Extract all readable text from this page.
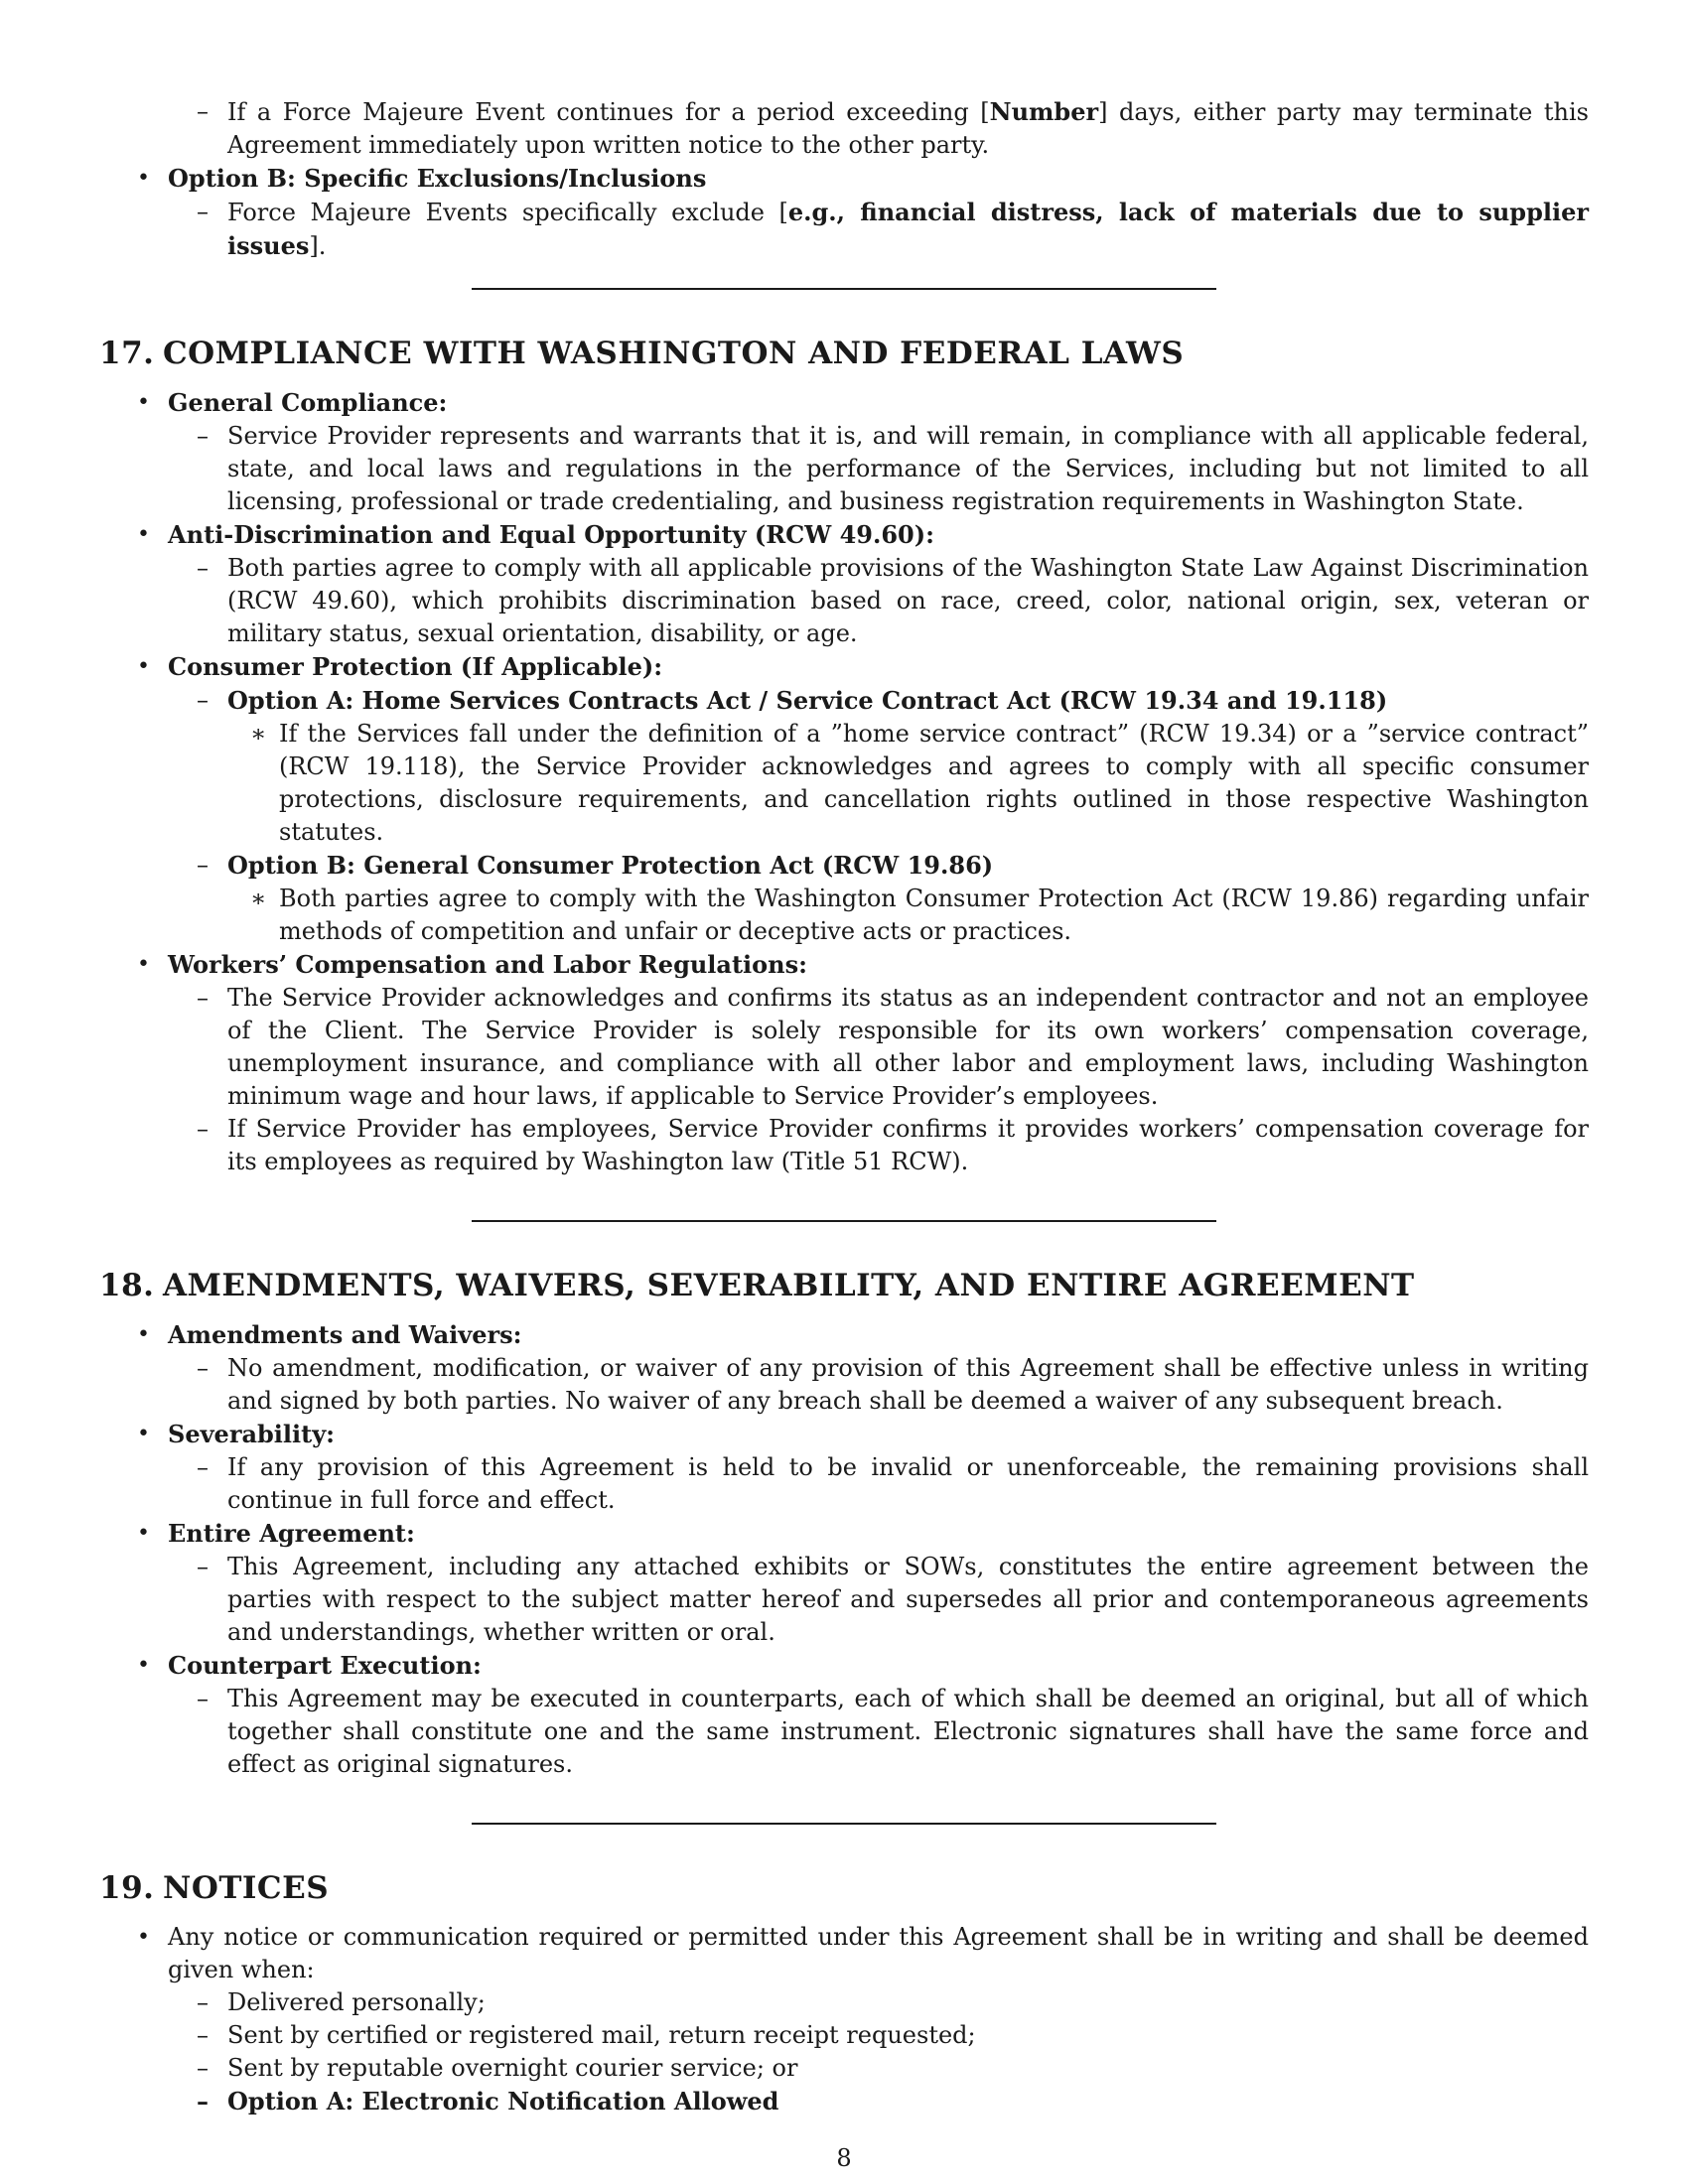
– If a Force Majeure Event continues for a period exceeding [Number] days, either party may terminate this Agreement immediately upon written notice to the other party.
• Option B: Specific Exclusions/Inclusions
– Force Majeure Events specifically exclude [e.g., financial distress, lack of materials due to supplier issues].
17. COMPLIANCE WITH WASHINGTON AND FEDERAL LAWS
• General Compliance:
– Service Provider represents and warrants that it is, and will remain, in compliance with all applicable federal, state, and local laws and regulations in the performance of the Services, including but not limited to all licensing, professional or trade credentialing, and business registration requirements in Washington State.
• Anti-Discrimination and Equal Opportunity (RCW 49.60):
– Both parties agree to comply with all applicable provisions of the Washington State Law Against Discrimination (RCW 49.60), which prohibits discrimination based on race, creed, color, national origin, sex, veteran or military status, sexual orientation, disability, or age.
• Consumer Protection (If Applicable):
– Option A: Home Services Contracts Act / Service Contract Act (RCW 19.34 and 19.118)
∗ If the Services fall under the definition of a ”home service contract” (RCW 19.34) or a ”service contract” (RCW 19.118), the Service Provider acknowledges and agrees to comply with all specific consumer protections, disclosure requirements, and cancellation rights outlined in those respective Washington statutes.
– Option B: General Consumer Protection Act (RCW 19.86)
∗ Both parties agree to comply with the Washington Consumer Protection Act (RCW 19.86) regarding unfair methods of competition and unfair or deceptive acts or practices.
• Workers’ Compensation and Labor Regulations:
– The Service Provider acknowledges and confirms its status as an independent contractor and not an employee of the Client. The Service Provider is solely responsible for its own workers’ compensation coverage, unemployment insurance, and compliance with all other labor and employment laws, including Washington minimum wage and hour laws, if applicable to Service Provider’s employees.
– If Service Provider has employees, Service Provider confirms it provides workers’ compensation coverage for its employees as required by Washington law (Title 51 RCW).
18. AMENDMENTS, WAIVERS, SEVERABILITY, AND ENTIRE AGREEMENT
• Amendments and Waivers:
– No amendment, modification, or waiver of any provision of this Agreement shall be effective unless in writing and signed by both parties. No waiver of any breach shall be deemed a waiver of any subsequent breach.
• Severability:
– If any provision of this Agreement is held to be invalid or unenforceable, the remaining provisions shall continue in full force and effect.
• Entire Agreement:
– This Agreement, including any attached exhibits or SOWs, constitutes the entire agreement between the parties with respect to the subject matter hereof and supersedes all prior and contemporaneous agreements and understandings, whether written or oral.
• Counterpart Execution:
– This Agreement may be executed in counterparts, each of which shall be deemed an original, but all of which together shall constitute one and the same instrument. Electronic signatures shall have the same force and effect as original signatures.
19. NOTICES
• Any notice or communication required or permitted under this Agreement shall be in writing and shall be deemed given when:
– Delivered personally;
– Sent by certified or registered mail, return receipt requested;
– Sent by reputable overnight courier service; or
– Option A: Electronic Notification Allowed
8
